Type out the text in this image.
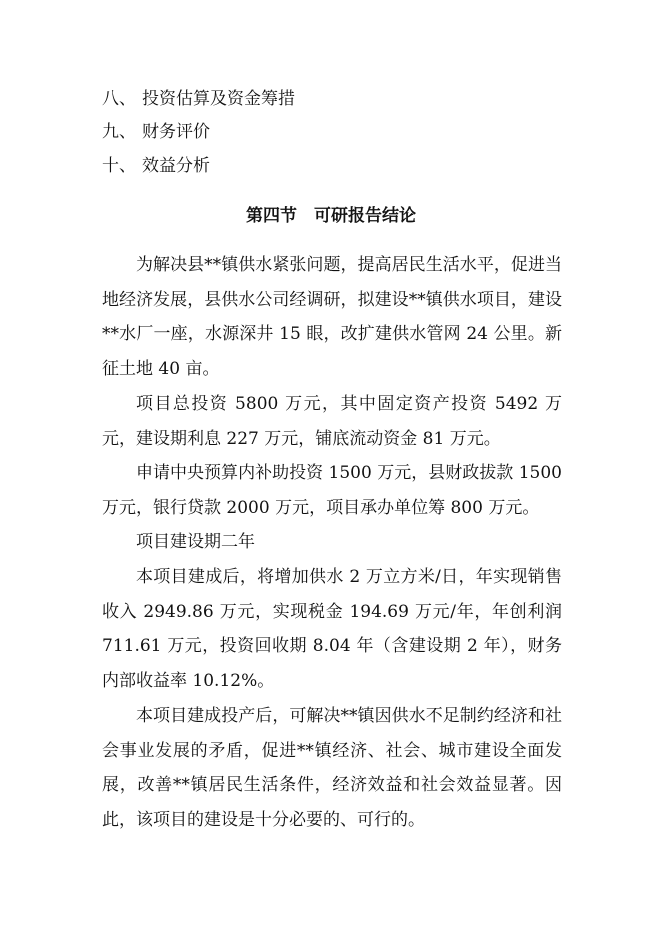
八、 投资估算及资金筹措
九、 财务评价
十、 效益分析
第四节　可研报告结论

为解决县**镇供水紧张问题，提高居民生活水平，促进当地经济发展，县供水公司经调研，拟建设**镇供水项目，建设**水厂一座，水源深井 15 眼，改扩建供水管网 24 公里。新征土地 40 亩。

项目总投资 5800 万元，其中固定资产投资 5492 万元，建设期利息 227 万元，铺底流动资金 81 万元。

申请中央预算内补助投资 1500 万元，县财政拔款 1500 万元，银行贷款 2000 万元，项目承办单位筹 800 万元。

项目建设期二年

本项目建成后，将增加供水 2 万立方米/日，年实现销售收入 2949.86 万元，实现税金 194.69 万元/年，年创利润 711.61 万元，投资回收期 8.04 年（含建设期 2 年），财务内部收益率 10.12%。

本项目建成投产后，可解决**镇因供水不足制约经济和社会事业发展的矛盾，促进**镇经济、社会、城市建设全面发展，改善**镇居民生活条件，经济效益和社会效益显著。因此，该项目的建设是十分必要的、可行的。
